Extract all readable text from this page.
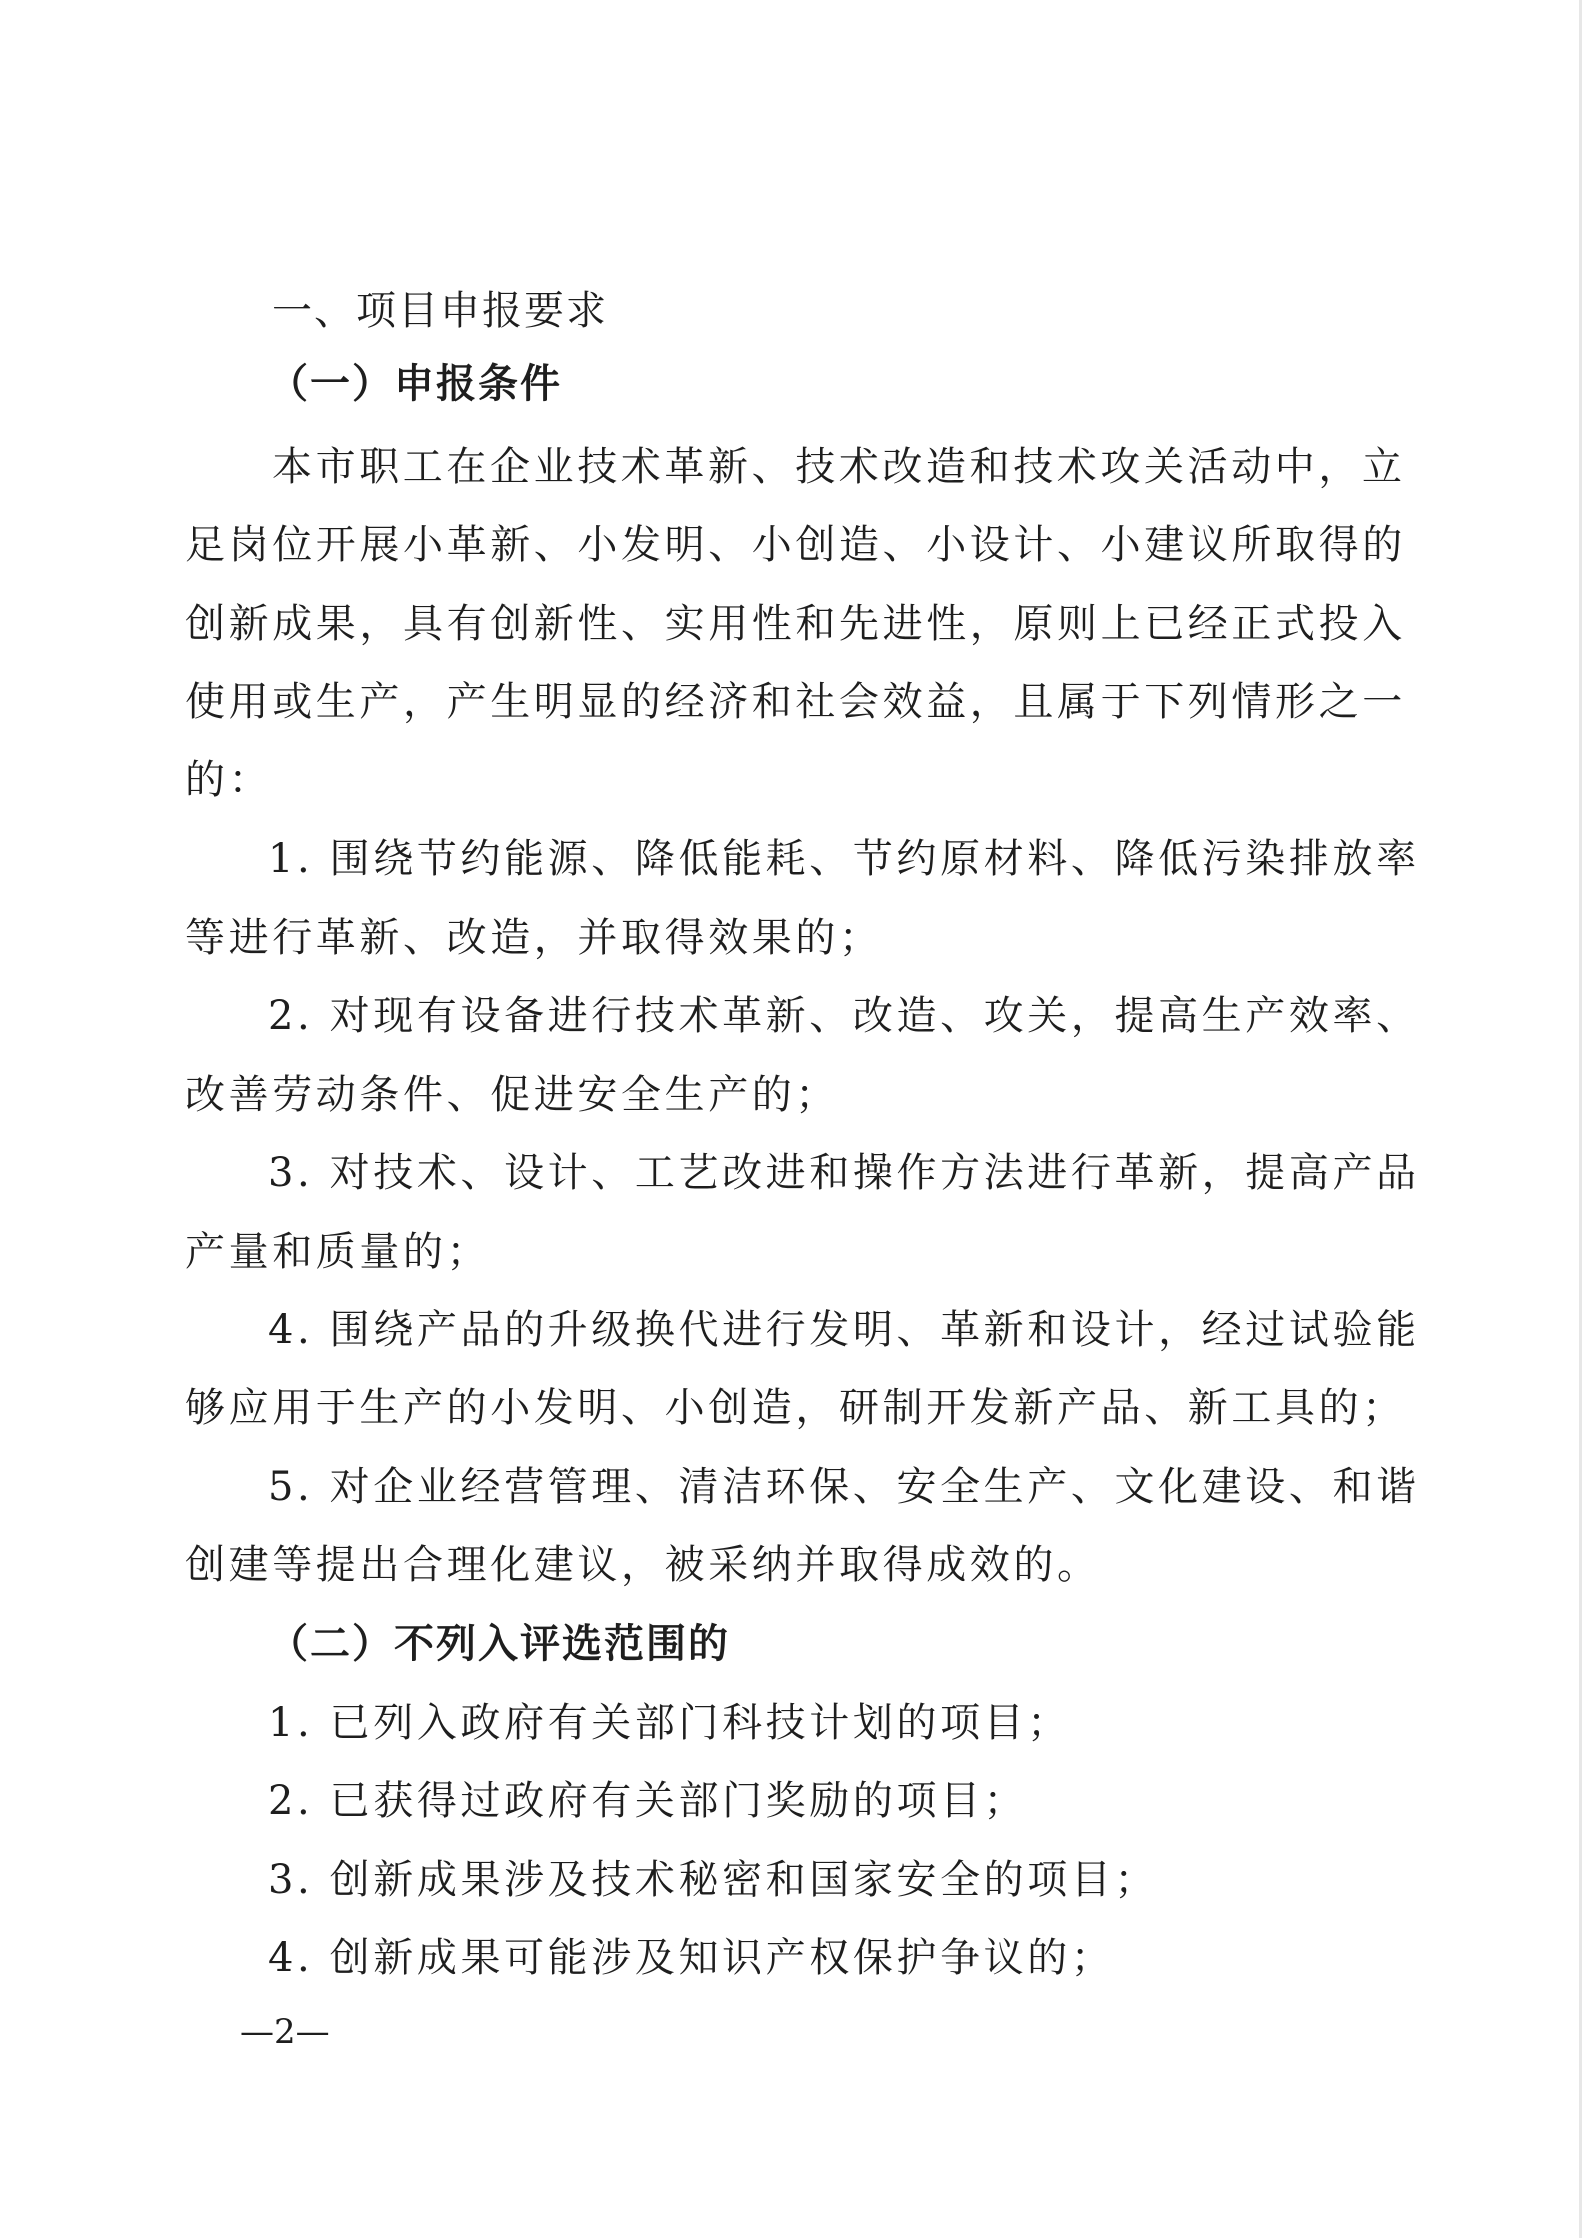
一、项目申报要求
（一）申报条件
本市职工在企业技术革新、技术改造和技术攻关活动中，立
足岗位开展小革新、小发明、小创造、小设计、小建议所取得的
创新成果，具有创新性、实用性和先进性，原则上已经正式投入
使用或生产，产生明显的经济和社会效益，且属于下列情形之一
的：
1. 围绕节约能源、降低能耗、节约原材料、降低污染排放率
等进行革新、改造，并取得效果的；
2. 对现有设备进行技术革新、改造、攻关，提高生产效率、
改善劳动条件、促进安全生产的；
3. 对技术、设计、工艺改进和操作方法进行革新，提高产品
产量和质量的；
4. 围绕产品的升级换代进行发明、革新和设计，经过试验能
够应用于生产的小发明、小创造，研制开发新产品、新工具的；
5. 对企业经营管理、清洁环保、安全生产、文化建设、和谐
创建等提出合理化建议，被采纳并取得成效的。
（二）不列入评选范围的
1. 已列入政府有关部门科技计划的项目；
2. 已获得过政府有关部门奖励的项目；
3. 创新成果涉及技术秘密和国家安全的项目；
4. 创新成果可能涉及知识产权保护争议的；
—2—
